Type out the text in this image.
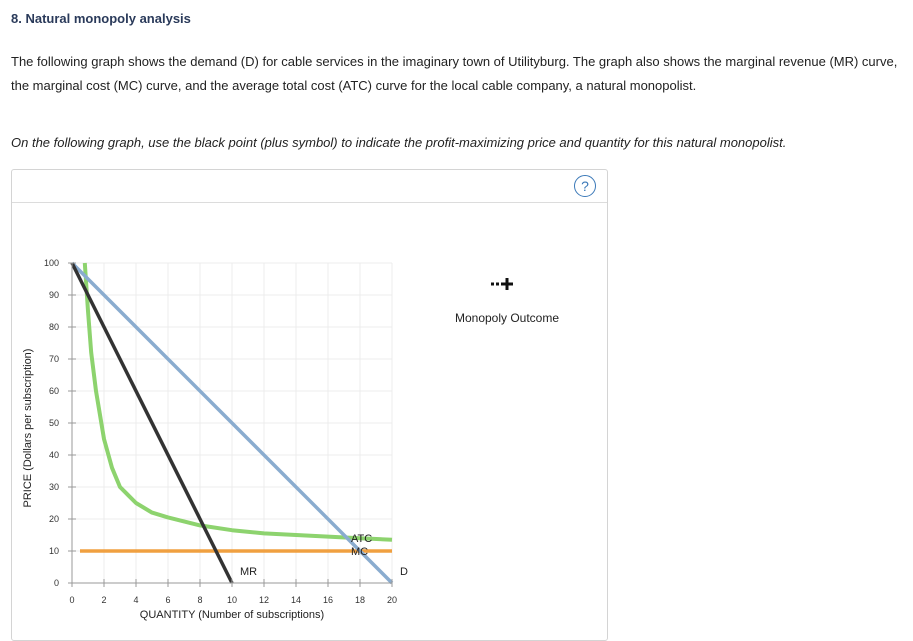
8. Natural monopoly analysis
The following graph shows the demand (D) for cable services in the imaginary town of Utilityburg. The graph also shows the marginal revenue (MR) curve, the marginal cost (MC) curve, and the average total cost (ATC) curve for the local cable company, a natural monopolist.
On the following graph, use the black point (plus symbol) to indicate the profit-maximizing price and quantity for this natural monopolist.
?
0	2	4	6	8	10 12 14 16 18 20
0
10
20
30
40
50
60
70
80
90
100
QUANTITY (Number of subscriptions)
PRICE (Dollars per subscription)
ATC
MC
MR	D
Monopoly Outcome
